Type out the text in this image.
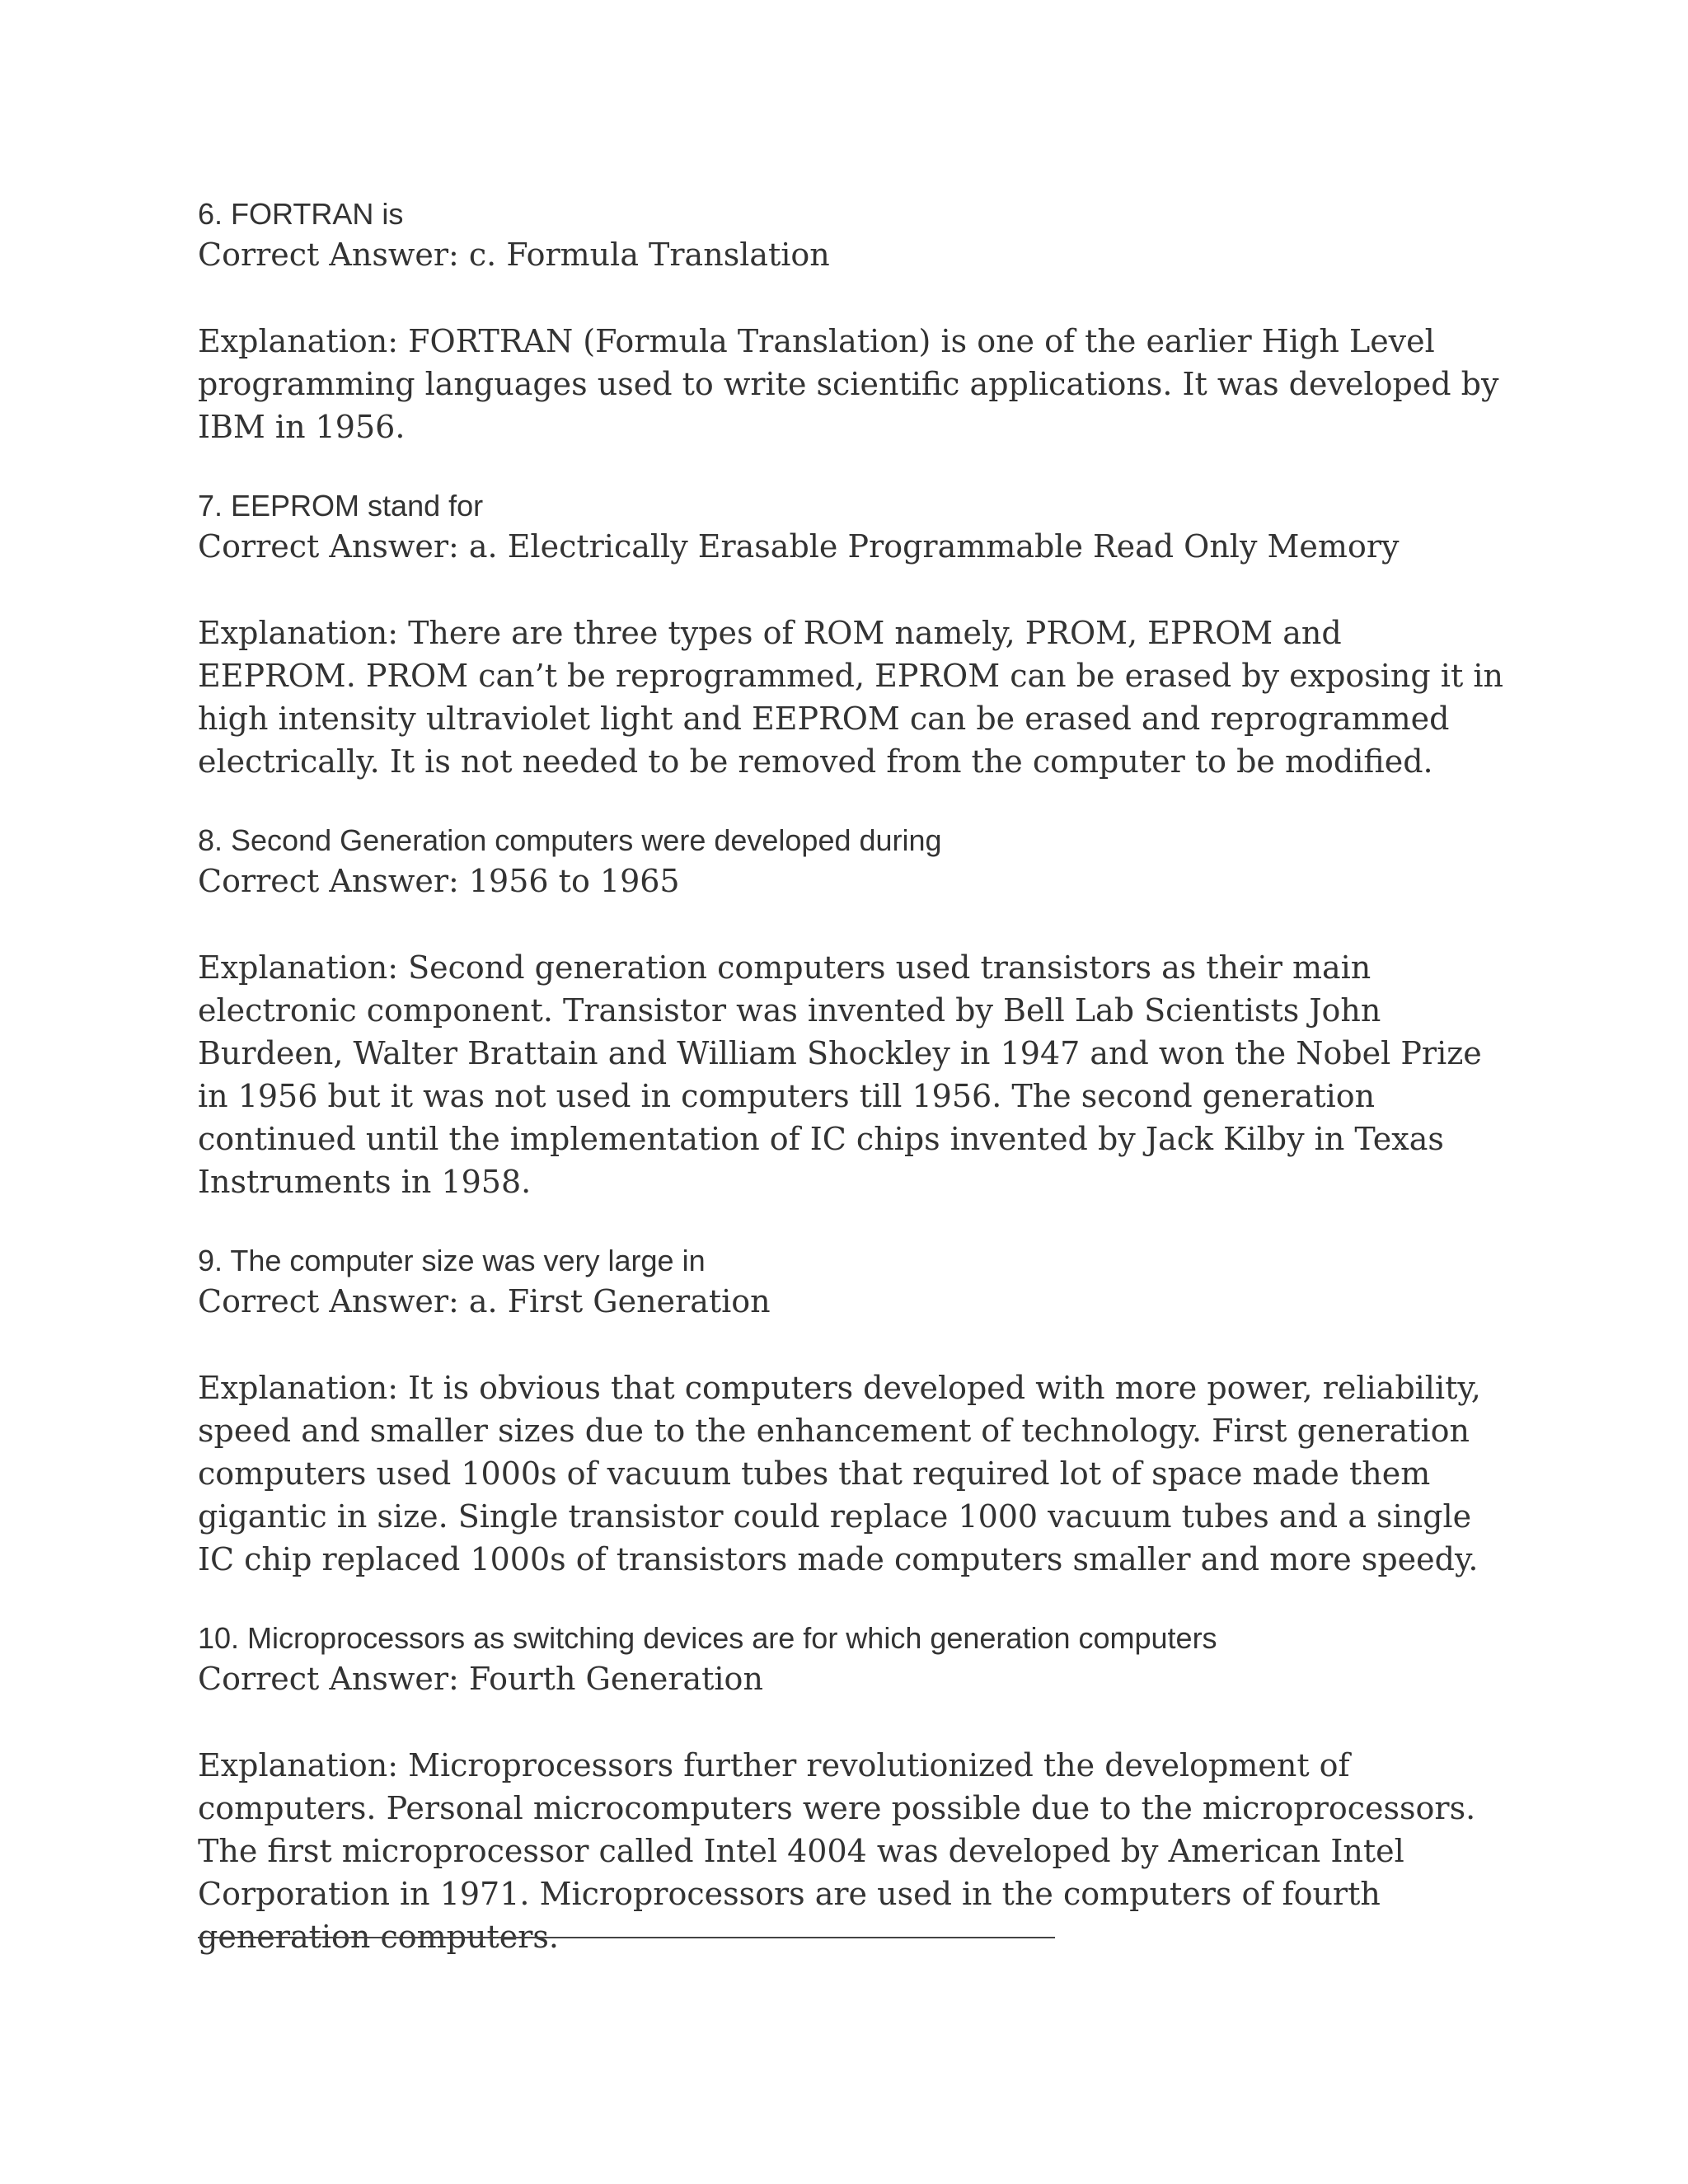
6. FORTRAN is

Correct Answer: c. Formula Translation

Explanation: FORTRAN (Formula Translation) is one of the earlier High Level programming languages used to write scientific applications. It was developed by IBM in 1956.

7. EEPROM stand for

Correct Answer: a. Electrically Erasable Programmable Read Only Memory

Explanation: There are three types of ROM namely, PROM, EPROM and EEPROM. PROM can’t be reprogrammed, EPROM can be erased by exposing it in high intensity ultraviolet light and EEPROM can be erased and reprogrammed electrically. It is not needed to be removed from the computer to be modified.

8. Second Generation computers were developed during

Correct Answer: 1956 to 1965

Explanation: Second generation computers used transistors as their main electronic component. Transistor was invented by Bell Lab Scientists John Burdeen, Walter Brattain and William Shockley in 1947 and won the Nobel Prize in 1956 but it was not used in computers till 1956. The second generation continued until the implementation of IC chips invented by Jack Kilby in Texas Instruments in 1958.

9. The computer size was very large in

Correct Answer: a. First Generation

Explanation: It is obvious that computers developed with more power, reliability, speed and smaller sizes due to the enhancement of technology. First generation computers used 1000s of vacuum tubes that required lot of space made them gigantic in size. Single transistor could replace 1000 vacuum tubes and a single IC chip replaced 1000s of transistors made computers smaller and more speedy.

10. Microprocessors as switching devices are for which generation computers

Correct Answer: Fourth Generation

Explanation: Microprocessors further revolutionized the development of computers. Personal microcomputers were possible due to the microprocessors. The first microprocessor called Intel 4004 was developed by American Intel Corporation in 1971. Microprocessors are used in the computers of fourth generation computers.
